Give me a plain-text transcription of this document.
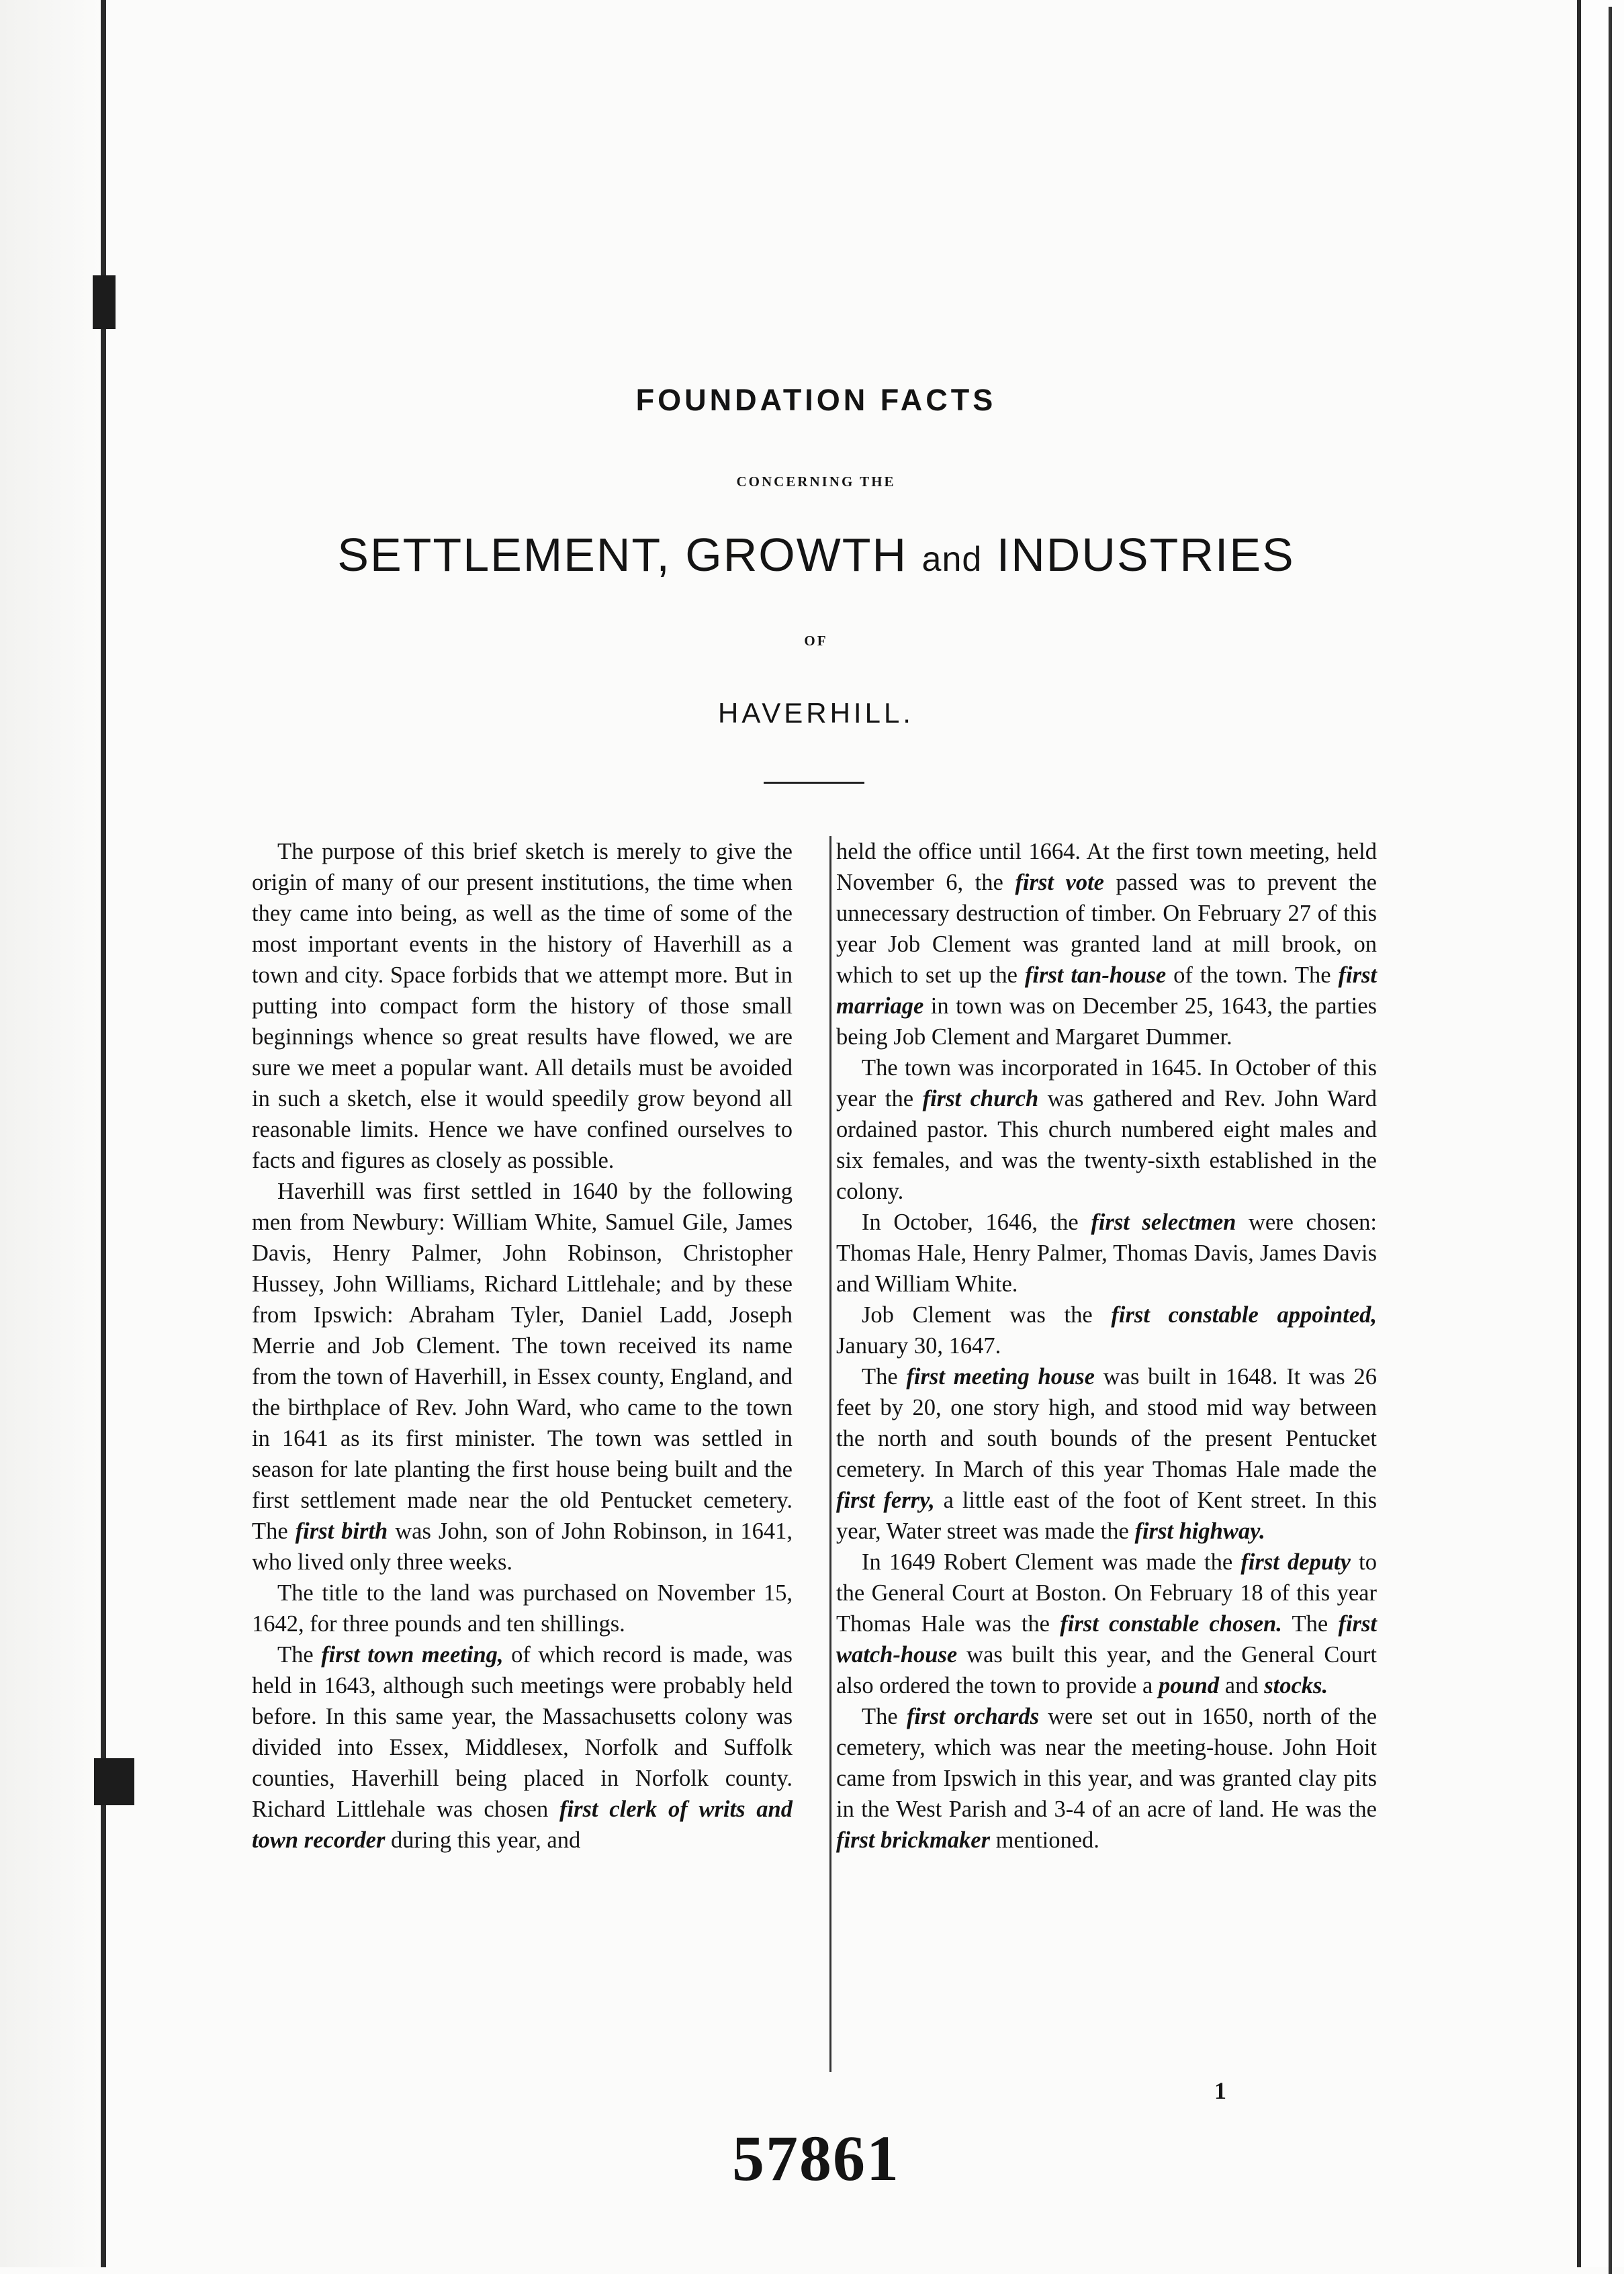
FOUNDATION FACTS
CONCERNING THE
SETTLEMENT, GROWTH and INDUSTRIES
OF
HAVERHILL.

The purpose of this brief sketch is merely to give the origin of many of our present institutions, the time when they came into being, as well as the time of some of the most important events in the history of Haverhill as a town and city. Space forbids that we attempt more. But in putting into compact form the history of those small beginnings whence so great results have flowed, we are sure we meet a popular want. All details must be avoided in such a sketch, else it would speedily grow beyond all reasonable limits. Hence we have confined ourselves to facts and figures as closely as possible.

Haverhill was first settled in 1640 by the following men from Newbury: William White, Samuel Gile, James Davis, Henry Palmer, John Robinson, Christopher Hussey, John Williams, Richard Littlehale; and by these from Ipswich: Abraham Tyler, Daniel Ladd, Joseph Merrie and Job Clement. The town received its name from the town of Haverhill, in Essex county, England, and the birthplace of Rev. John Ward, who came to the town in 1641 as its first minister. The town was settled in season for late planting the first house being built and the first settlement made near the old Pentucket cemetery. The first birth was John, son of John Robinson, in 1641, who lived only three weeks.

The title to the land was purchased on November 15, 1642, for three pounds and ten shillings.

The first town meeting, of which record is made, was held in 1643, although such meetings were probably held before. In this same year, the Massachusetts colony was divided into Essex, Middlesex, Norfolk and Suffolk counties, Haverhill being placed in Norfolk county. Richard Littlehale was chosen first clerk of writs and town recorder during this year, and

held the office until 1664. At the first town meeting, held November 6, the first vote passed was to prevent the unnecessary destruction of timber. On February 27 of this year Job Clement was granted land at mill brook, on which to set up the first tan-house of the town. The first marriage in town was on December 25, 1643, the parties being Job Clement and Margaret Dummer.

The town was incorporated in 1645. In October of this year the first church was gathered and Rev. John Ward ordained pastor. This church numbered eight males and six females, and was the twenty-sixth established in the colony.

In October, 1646, the first selectmen were chosen: Thomas Hale, Henry Palmer, Thomas Davis, James Davis and William White.

Job Clement was the first constable appointed, January 30, 1647.

The first meeting house was built in 1648. It was 26 feet by 20, one story high, and stood mid way between the north and south bounds of the present Pentucket cemetery. In March of this year Thomas Hale made the first ferry, a little east of the foot of Kent street. In this year, Water street was made the first highway.

In 1649 Robert Clement was made the first deputy to the General Court at Boston. On February 18 of this year Thomas Hale was the first constable chosen. The first watch-house was built this year, and the General Court also ordered the town to provide a pound and stocks.

The first orchards were set out in 1650, north of the cemetery, which was near the meeting-house. John Hoit came from Ipswich in this year, and was granted clay pits in the West Parish and 3-4 of an acre of land. He was the first brickmaker mentioned.

1
57861
